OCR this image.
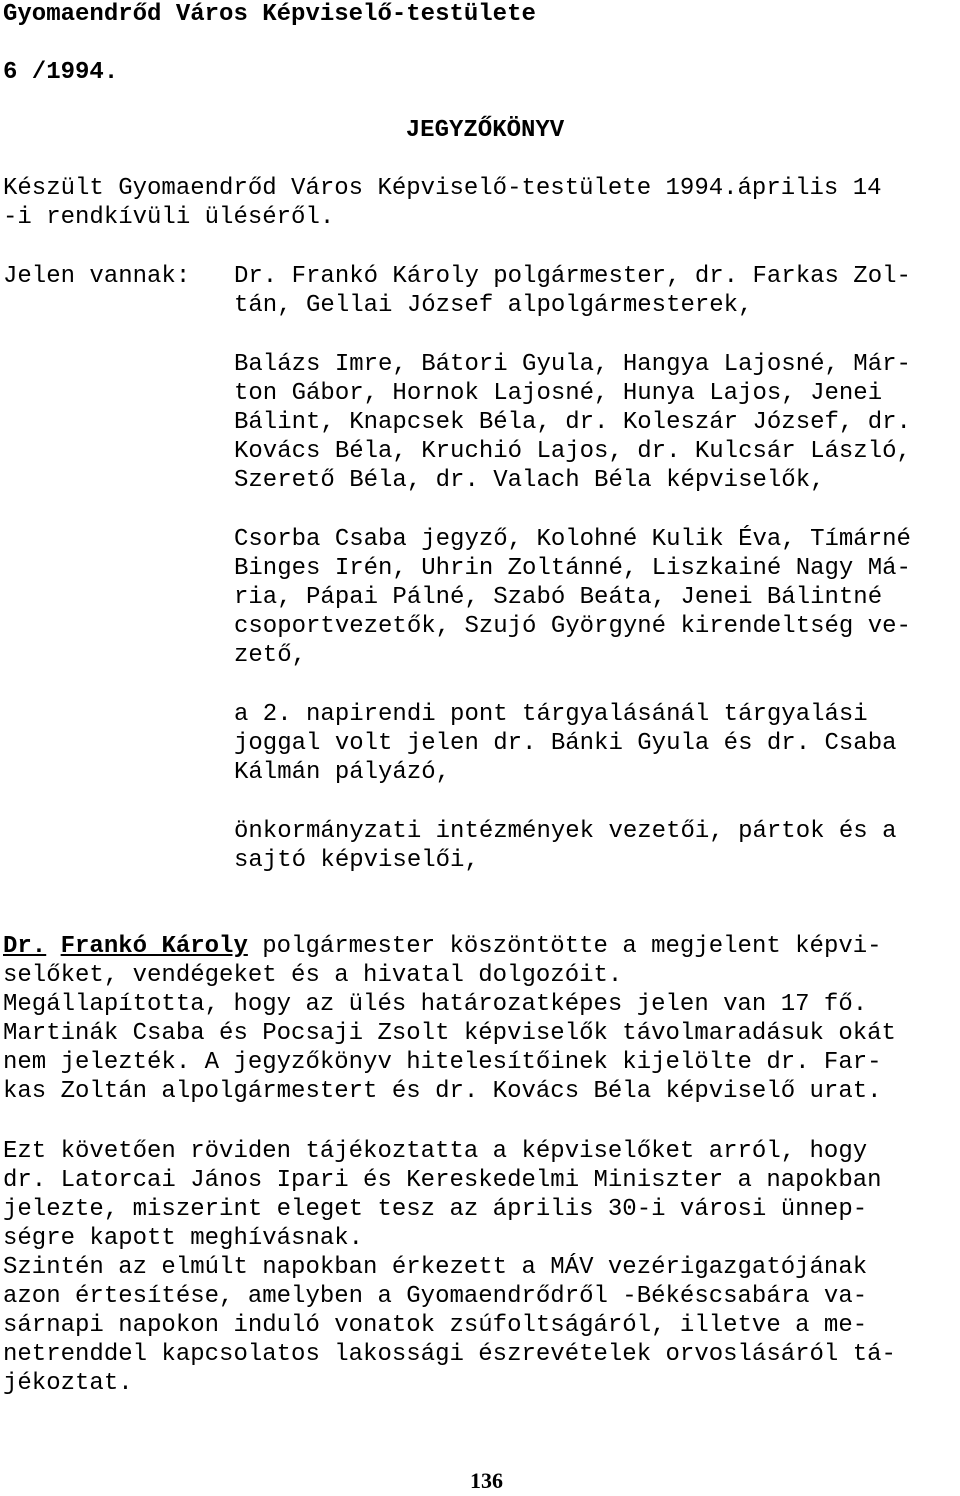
Gyomaendrőd Város Képviselő-testülete

6 /1994.

JEGYZŐKÖNYV

Készült Gyomaendrőd Város Képviselő-testülete 1994.április 14

-i rendkívüli üléséről.

Jelen vannak: Dr. Frankó Károly polgármester, dr. Farkas Zol-

tán, Gellai József alpolgármesterek,

Balázs Imre, Bátori Gyula, Hangya Lajosné, Már-

ton Gábor, Hornok Lajosné, Hunya Lajos, Jenei

Bálint, Knapcsek Béla, dr. Koleszár József, dr.

Kovács Béla, Kruchió Lajos, dr. Kulcsár László,

Szerető Béla, dr. Valach Béla képviselők,

Csorba Csaba jegyző, Kolohné Kulik Éva, Tímárné

Binges Irén, Uhrin Zoltánné, Liszkainé Nagy Má-

ria, Pápai Pálné, Szabó Beáta, Jenei Bálintné

csoportvezetők, Szujó Györgyné kirendeltség ve-

zető,

a 2. napirendi pont tárgyalásánál tárgyalási

joggal volt jelen dr. Bánki Gyula és dr. Csaba

Kálmán pályázó,

önkormányzati intézmények vezetői, pártok és a

sajtó képviselői,

Dr. Frankó Károly polgármester köszöntötte a megjelent képvi-

selőket, vendégeket és a hivatal dolgozóit.

Megállapította, hogy az ülés határozatképes jelen van 17 fő.

Martinák Csaba és Pocsaji Zsolt képviselők távolmaradásuk okát

nem jelezték. A jegyzőkönyv hitelesítőinek kijelölte dr. Far-

kas Zoltán alpolgármestert és dr. Kovács Béla képviselő urat.

Ezt követően röviden tájékoztatta a képviselőket arról, hogy

dr. Latorcai János Ipari és Kereskedelmi Miniszter a napokban

jelezte, miszerint eleget tesz az április 30-i városi ünnep-

ségre kapott meghívásnak.

Szintén az elmúlt napokban érkezett a MÁV vezérigazgatójának

azon értesítése, amelyben a Gyomaendrődről -Békéscsabára va-

sárnapi napokon induló vonatok zsúfoltságáról, illetve a me-

netrenddel kapcsolatos lakossági észrevételek orvoslásáról tá-

jékoztat.

136
